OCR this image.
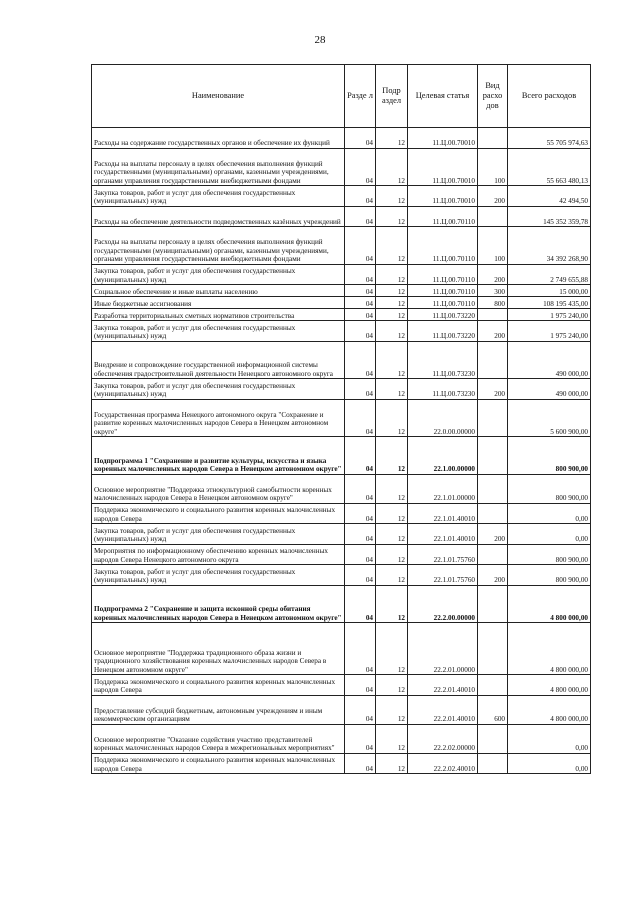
28
Наименование	Разде л	Подр аздел	Целевая статья	Вид расхо дов	Всего расходов
Расходы на содержание государственных органов и обеспечение их функций	04	12	11.Ц.00.70010		55 705 974,63
Расходы на выплаты персоналу в целях обеспечения выполнения функций государственными (муниципальными) органами, казенными учреждениями, органами управления государственными внебюджетными фондами	04	12	11.Ц.00.70010	100	55 663 480,13
Закупка товаров, работ и услуг для обеспечения государственных (муниципальных) нужд	04	12	11.Ц.00.70010	200	42 494,50
Расходы на обеспечение деятельности подведомственных казённых учреждений	04	12	11.Ц.00.70110		145 352 359,78
Расходы на выплаты персоналу в целях обеспечения выполнения функций государственными (муниципальными) органами, казенными учреждениями, органами управления государственными внебюджетными фондами	04	12	11.Ц.00.70110	100	34 392 268,90
Закупка товаров, работ и услуг для обеспечения государственных (муниципальных) нужд	04	12	11.Ц.00.70110	200	2 749 655,88
Социальное обеспечение и иные выплаты населению	04	12	11.Ц.00.70110	300	15 000,00
Иные бюджетные ассигнования	04	12	11.Ц.00.70110	800	108 195 435,00
Разработка территориальных сметных нормативов строительства	04	12	11.Ц.00.73220		1 975 240,00
Закупка товаров, работ и услуг для обеспечения государственных (муниципальных) нужд	04	12	11.Ц.00.73220	200	1 975 240,00
Внедрение и сопровождение государственной информационной системы обеспечения градостроительной деятельности Ненецкого автономного округа	04	12	11.Ц.00.73230		490 000,00
Закупка товаров, работ и услуг для обеспечения государственных (муниципальных) нужд	04	12	11.Ц.00.73230	200	490 000,00
Государственная программа Ненецкого автономного округа "Сохранение и развитие коренных малочисленных народов Севера в Ненецком автономном округе"	04	12	22.0.00.00000		5 600 900,00
Подпрограмма 1 "Сохранение и развитие культуры, искусства и языка коренных малочисленных народов Севера в Ненецком автономном округе"	04	12	22.1.00.00000		800 900,00
Основное мероприятие "Поддержка этнокультурной самобытности коренных малочисленных народов Севера в Ненецком автономном округе"	04	12	22.1.01.00000		800 900,00
Поддержка экономического и социального развития коренных малочисленных народов Севера	04	12	22.1.01.40010		0,00
Закупка товаров, работ и услуг для обеспечения государственных (муниципальных) нужд	04	12	22.1.01.40010	200	0,00
Мероприятия по информационному обеспечению коренных малочисленных народов Севера Ненецкого автономного округа	04	12	22.1.01.75760		800 900,00
Закупка товаров, работ и услуг для обеспечения государственных (муниципальных) нужд	04	12	22.1.01.75760	200	800 900,00
Подпрограмма 2 "Сохранение и защита исконной среды обитания коренных малочисленных народов Севера в Ненецком автономном округе"	04	12	22.2.00.00000		4 800 000,00
Основное мероприятие "Поддержка традиционного образа жизни и традиционного хозяйствования коренных малочисленных народов Севера в Ненецком автономном округе"	04	12	22.2.01.00000		4 800 000,00
Поддержка экономического и социального развития коренных малочисленных народов Севера	04	12	22.2.01.40010		4 800 000,00
Предоставление субсидий бюджетным, автономным учреждениям и иным некоммерческим организациям	04	12	22.2.01.40010	600	4 800 000,00
Основное мероприятие "Оказание содействия участию представителей коренных малочисленных народов Севера в межрегиональных мероприятиях"	04	12	22.2.02.00000		0,00
Поддержка экономического и социального развития коренных малочисленных народов Севера	04	12	22.2.02.40010		0,00
